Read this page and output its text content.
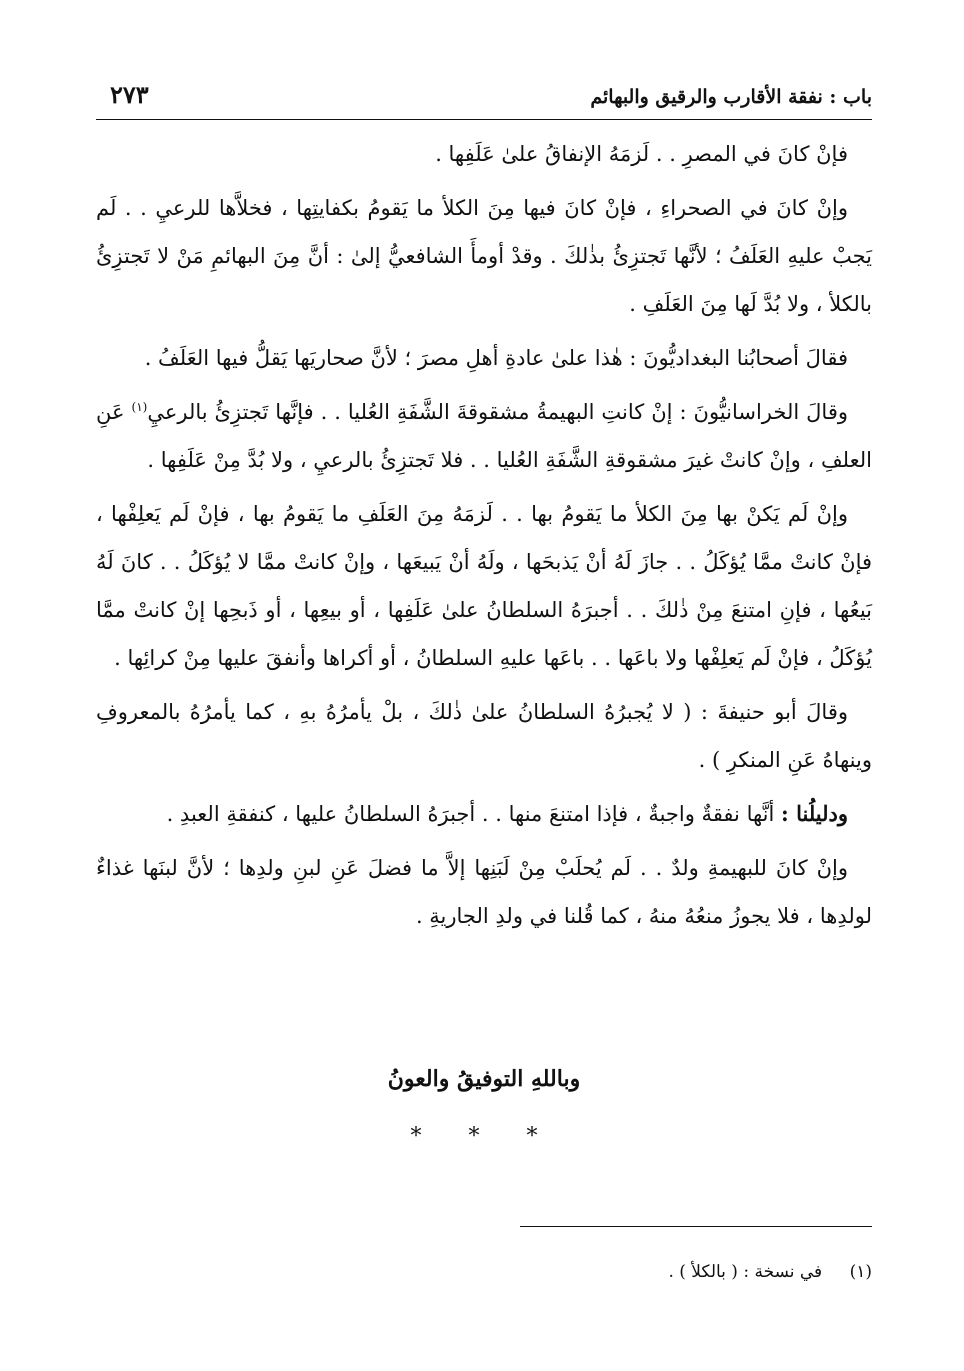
باب : نفقة الأقارب والرقيق والبهائم
٢٧٣

فإنْ كانَ في المصرِ . . لَزمَهُ الإنفاقُ علىٰ عَلَفِها .

وإنْ كانَ في الصحراءِ ، فإنْ كانَ فيها مِنَ الكلأ ما يَقومُ بكفايتِها ، فخلاَّها للرعيِ . . لَم يَجبْ عليهِ العَلَفُ ؛ لأنَّها تَجتزِئُ بذٰلكَ . وقدْ أومأَ الشافعيُّ إلىٰ : أنَّ مِنَ البهائمِ مَنْ لا تَجتزِئُ بالكلأ ، ولا بُدَّ لَها مِنَ العَلَفِ .

فقالَ أصحابُنا البغداديُّونَ : هٰذا علىٰ عادةِ أهلِ مصرَ ؛ لأنَّ صحاريَها يَقلُّ فيها العَلَفُ .

وقالَ الخراسانيُّونَ : إنْ كانتِ البهيمةُ مشقوقةَ الشَّفَةِ العُليا . . فإنَّها تَجتزِئُ بالرعيِ$^{(١)}$ عَنِ العلفِ ، وإنْ كانتْ غيرَ مشقوقةِ الشَّفَةِ العُليا . . فلا تَجتزِئُ بالرعيِ ، ولا بُدَّ مِنْ عَلَفِها .

وإنْ لَم يَكنْ بها مِنَ الكلأ ما يَقومُ بها . . لَزمَهُ مِنَ العَلَفِ ما يَقومُ بها ، فإنْ لَم يَعلِفْها ، فإنْ كانتْ ممَّا يُؤكَلُ . . جازَ لَهُ أنْ يَذبحَها ، ولَهُ أنْ يَبيعَها ، وإنْ كانتْ ممَّا لا يُؤكَلُ . . كانَ لَهُ بَيعُها ، فإنِ امتنعَ مِنْ ذٰلكَ . . أجبرَهُ السلطانُ علىٰ عَلَفِها ، أو بيعِها ، أو ذَبحِها إنْ كانتْ ممَّا يُؤكَلُ ، فإنْ لَم يَعلِفْها ولا باعَها . . باعَها عليهِ السلطانُ ، أو أكراها وأنفقَ عليها مِنْ كرائِها .

وقالَ أبو حنيفةَ : ( لا يُجبرُهُ السلطانُ علىٰ ذٰلكَ ، بلْ يأمرُهُ بهِ ، كما يأمرُهُ بالمعروفِ وينهاهُ عَنِ المنكرِ ) .

ودليلُنا : أنَّها نفقةٌ واجبةٌ ، فإذا امتنعَ منها . . أجبرَهُ السلطانُ عليها ، كنفقةِ العبدِ .

وإنْ كانَ للبهيمةِ ولدٌ . . لَم يُحلَبْ مِنْ لَبَنِها إلاَّ ما فضلَ عَنِ لبنِ ولدِها ؛ لأنَّ لبنَها غذاءٌ لولدِها ، فلا يجوزُ منعُهُ منهُ ، كما قُلنا في ولدِ الجاريةِ .

وباللهِ التوفيقُ والعونُ
* * *
(١) في نسخة : ( بالكلأ ) .
